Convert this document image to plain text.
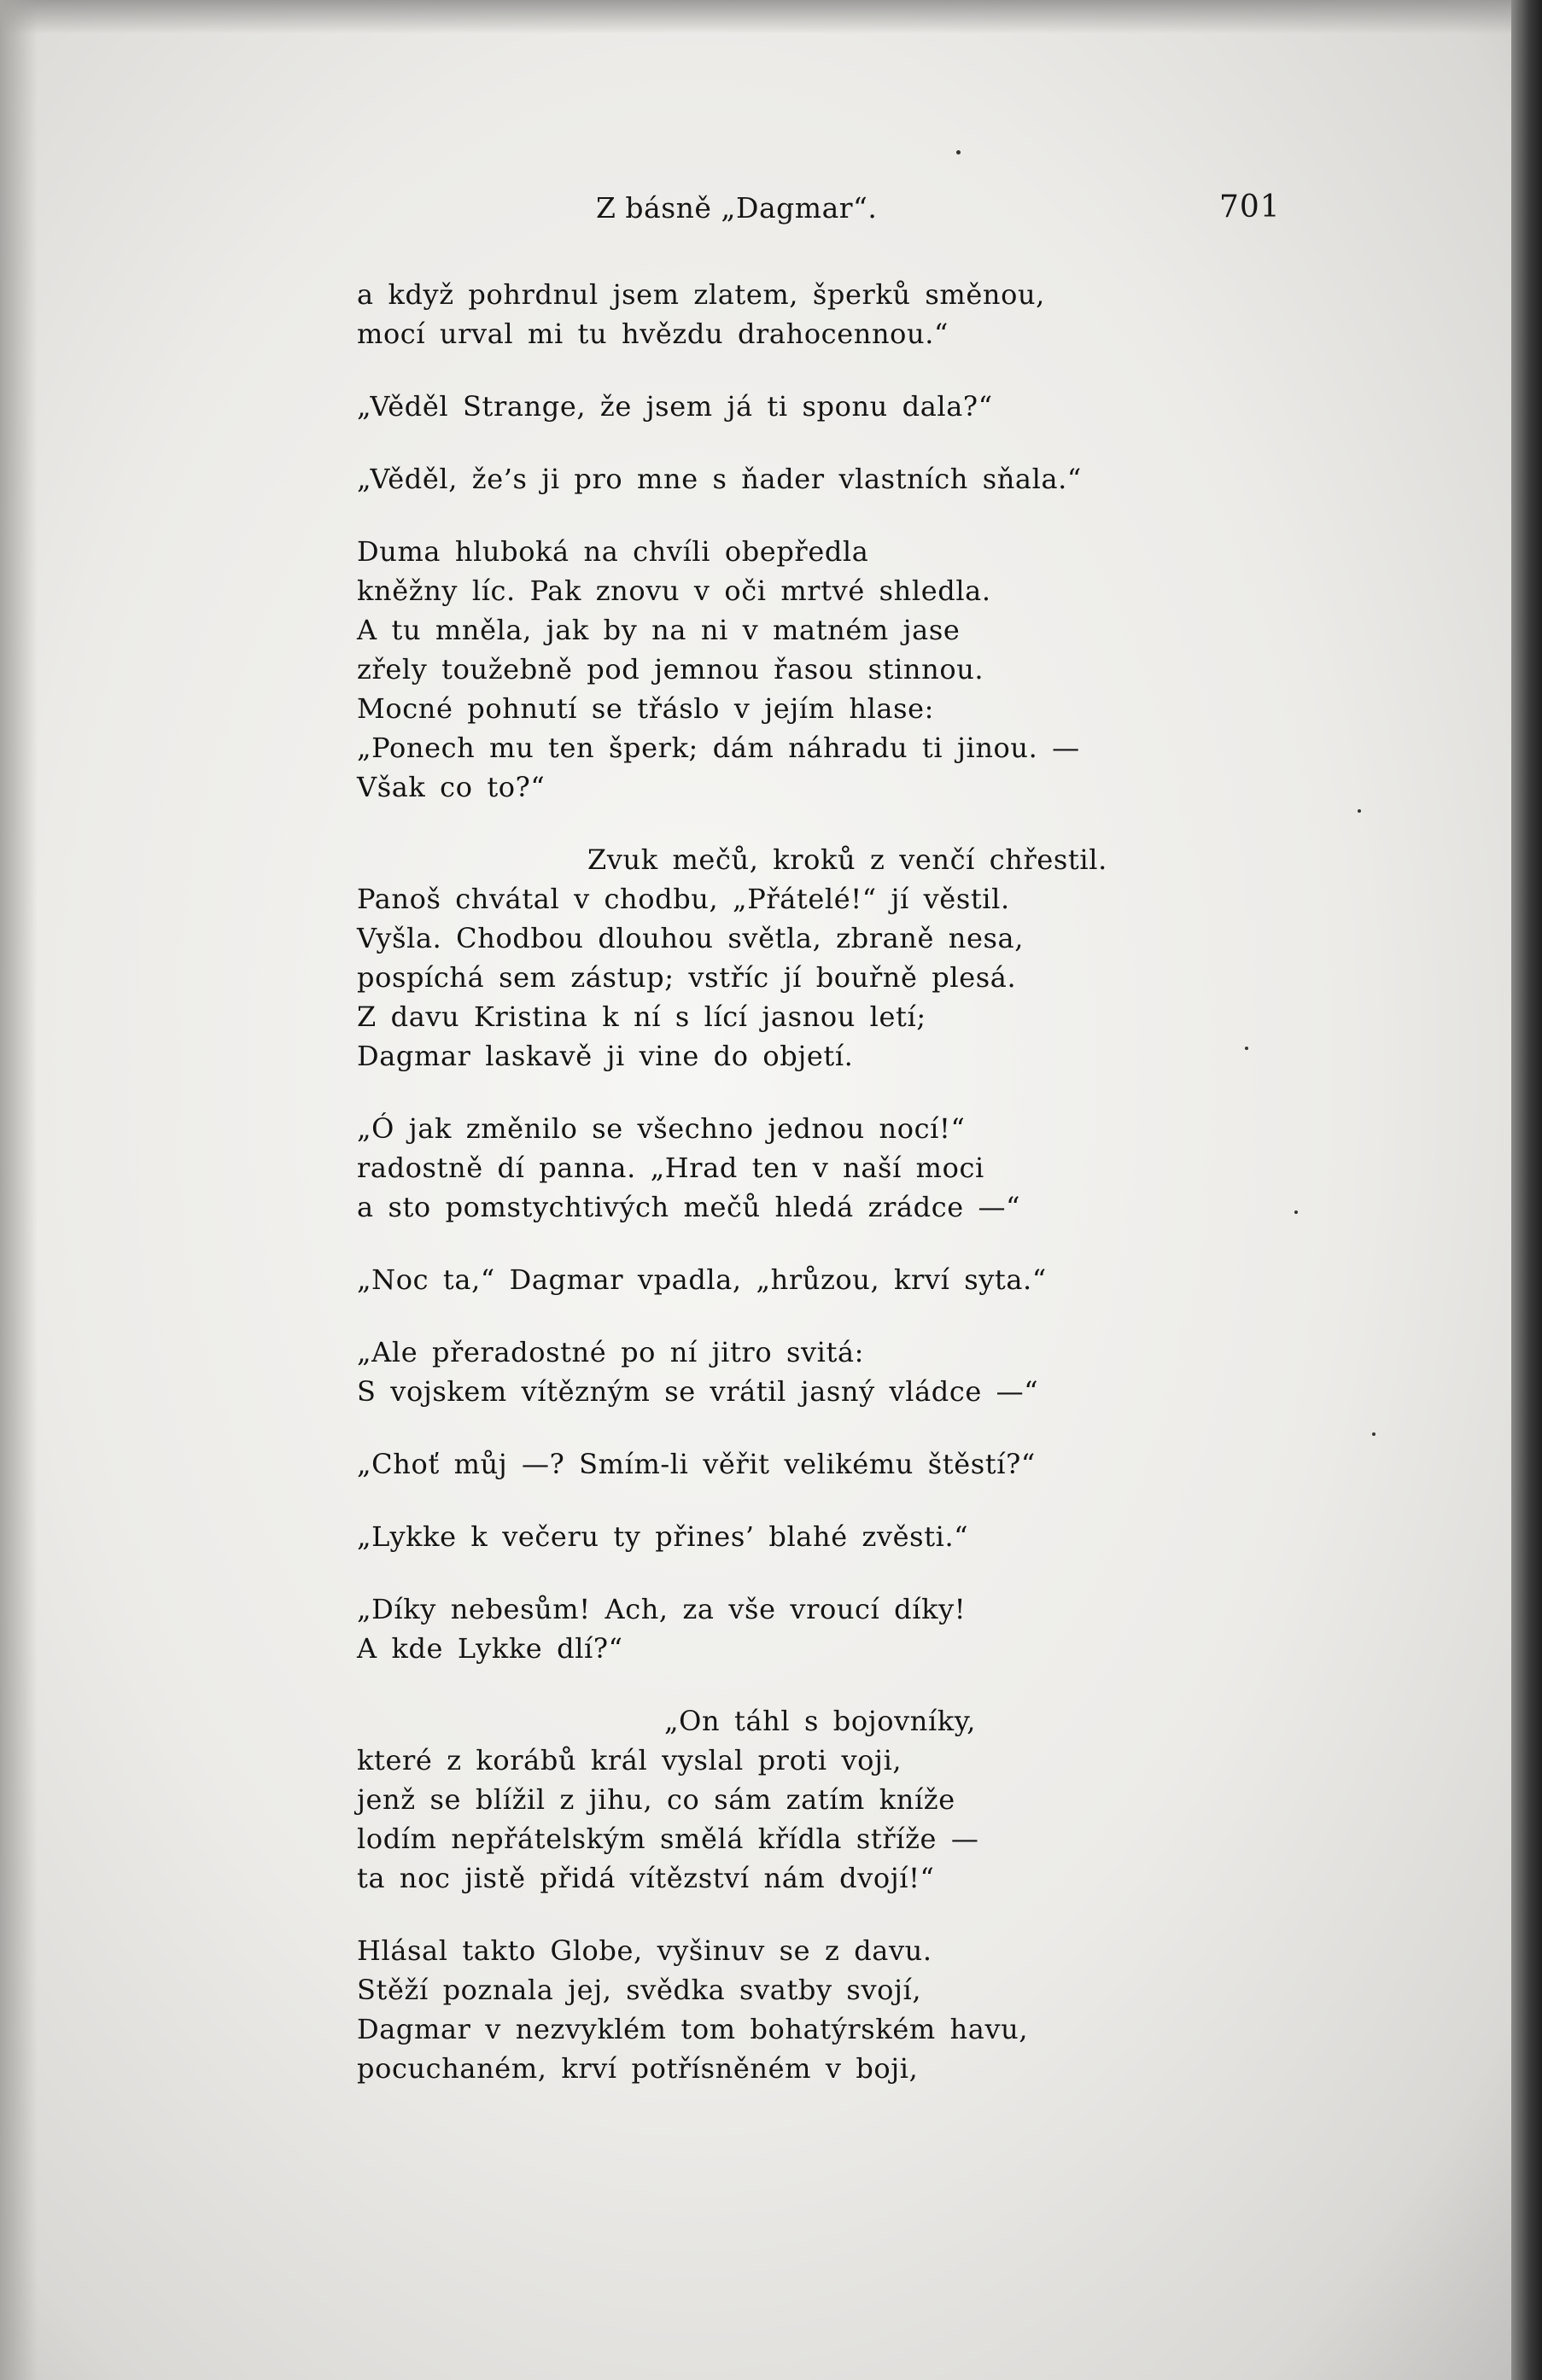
Z básně „Dagmar“.	701
a když pohrdnul jsem zlatem, šperků směnou,
mocí urval mi tu hvězdu drahocennou.“
„Věděl Strange, že jsem já ti sponu dala?“
„Věděl, že’s ji pro mne s ňader vlastních sňala.“
Duma hluboká na chvíli obepředla
kněžny líc. Pak znovu v oči mrtvé shledla.
A tu mněla, jak by na ni v matném jase
zřely toužebně pod jemnou řasou stinnou.
Mocné pohnutí se třáslo v jejím hlase:
„Ponech mu ten šperk; dám náhradu ti jinou. —
Však co to?“
Zvuk mečů, kroků z venčí chřestil.
Panoš chvátal v chodbu, „Přátelé!“ jí věstil.
Vyšla. Chodbou dlouhou světla, zbraně nesa,
pospíchá sem zástup; vstříc jí bouřně plesá.
Z davu Kristina k ní s lící jasnou letí;
Dagmar laskavě ji vine do objetí.
„Ó jak změnilo se všechno jednou nocí!“
radostně dí panna. „Hrad ten v naší moci
a sto pomstychtivých mečů hledá zrádce —“
„Noc ta,“ Dagmar vpadla, „hrůzou, krví syta.“
„Ale přeradostné po ní jitro svitá:
S vojskem vítězným se vrátil jasný vládce —“
„Choť můj —? Smím-li věřit velikému štěstí?“
„Lykke k večeru ty přines’ blahé zvěsti.“
„Díky nebesům! Ach, za vše vroucí díky!
A kde Lykke dlí?“
„On táhl s bojovníky,
které z korábů král vyslal proti voji,
jenž se blížil z jihu, co sám zatím kníže
lodím nepřátelským smělá křídla stříže —
ta noc jistě přidá vítězství nám dvojí!“
Hlásal takto Globe, vyšinuv se z davu.
Stěží poznala jej, svědka svatby svojí,
Dagmar v nezvyklém tom bohatýrském havu,
pocuchaném, krví potřísněném v boji,
